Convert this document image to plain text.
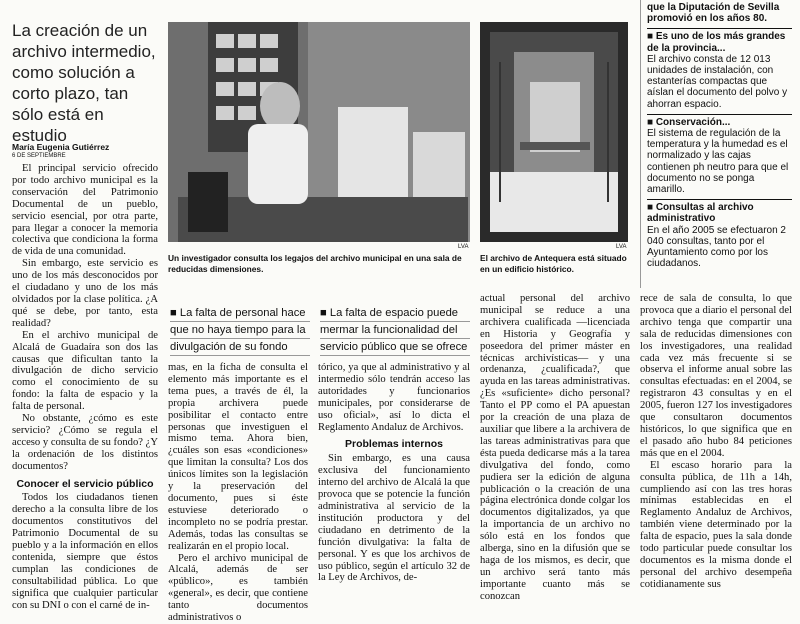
La creación de un archivo intermedio, como solución a corto plazo, tan sólo está en estudio
María Eugenia Gutiérrez
6 DE SEPTIEMBRE

El principal servicio ofrecido por todo archivo municipal es la conservación del Patrimonio Documental de un pueblo, servicio esencial, por otra parte, para llegar a conocer la memoria colectiva que condiciona la forma de vida de una comunidad.

Sin embargo, este servicio es uno de los más desconocidos por el ciudadano y uno de los más olvidados por la clase política. ¿A qué se debe, por tanto, esta realidad?

En el archivo municipal de Alcalá de Guadaíra son dos las causas que dificultan tanto la divulgación de dicho servicio como el conocimiento de su fondo: la falta de espacio y la falta de personal.

No obstante, ¿cómo es este servicio? ¿Cómo se regula el acceso y consulta de su fondo? ¿Y la ordenación de los distintos documentos?

Conocer el servicio público

Todos los ciudadanos tienen derecho a la consulta libre de los documentos constitutivos del Patrimonio Documental de su pueblo y a la información en ellos contenida, siempre que éstos cumplan las condiciones de consultabilidad pública. Lo que significa que cualquier particular con su DNI o con el carné de in-

LVA
Un investigador consulta los legajos del archivo municipal en una sala de reducidas dimensiones.
LVA
El archivo de Antequera está situado en un edificio histórico.
■ La falta de personal hace
que no haya tiempo para la
divulgación de su fondo
■ La falta de espacio puede
mermar la funcionalidad del
servicio público que se ofrece

mas, en la ficha de consulta el elemento más importante es el tema pues, a través de él, la propia archivera puede posibilitar el contacto entre personas que investiguen el mismo tema. Ahora bien, ¿cuáles son esas «condiciones» que limitan la consulta? Los dos únicos límites son la legislación y la preservación del documento, pues si éste estuviese deteriorado o incompleto no se podría prestar. Además, todas las consultas se realizarán en el propio local.

Pero el archivo municipal de Alcalá, además de ser «público», es también «general», es decir, que contiene tanto documentos administrativos o

tórico, ya que al administrativo y al intermedio sólo tendrán acceso las autoridades y funcionarios municipales, por considerarse de uso oficial», así lo dicta el Reglamento Andaluz de Archivos.

Problemas internos

Sin embargo, es una causa exclusiva del funcionamiento interno del archivo de Alcalá la que provoca que se potencie la función administrativa al servicio de la institución productora y del ciudadano en detrimento de la función divulgativa: la falta de personal. Y es que los archivos de uso público, según el artículo 32 de la Ley de Archivos, de-

actual personal del archivo municipal se reduce a una archivera cualificada —licenciada en Historia y Geografía y poseedora del primer máster en técnicas archivísticas— y una ordenanza, ¿cualificada?, que ayuda en las tareas administrativas. ¿Es «suficiente» dicho personal? Tanto el PP como el PA apuestan por la creación de una plaza de auxiliar que libere a la archivera de las tareas administrativas para que ésta pueda dedicarse más a la tarea divulgativa del fondo, como pudiera ser la edición de alguna publicación o la creación de una página electrónica donde colgar los documentos digitalizados, ya que la importancia de un archivo no sólo está en los fondos que alberga, sino en la difusión que se haga de los mismos, es decir, que un archivo será tanto más importante cuanto más se conozcan

rece de sala de consulta, lo que provoca que a diario el personal del archivo tenga que compartir una sala de reducidas dimensiones con los investigadores, una realidad cada vez más frecuente si se observa el informe anual sobre las consultas efectuadas: en el 2004, se registraron 43 consultas y en el 2005, fueron 127 los investigadores que consultaron documentos históricos, lo que significa que en el pasado año hubo 84 peticiones más que en el 2004.

El escaso horario para la consulta pública, de 11h a 14h, cumpliendo así con las tres horas mínimas establecidas en el Reglamento Andaluz de Archivos, también viene determinado por la falta de espacio, pues la sala donde todo particular puede consultar los documentos es la misma donde el personal del archivo desempeña cotidianamente sus

que la Diputación de Sevilla promovió en los años 80.
■ Es uno de los más grandes de la provincia...
El archivo consta de 12 013 unidades de instalación, con estanterías compactas que aíslan el documento del polvo y ahorran espacio.
■ Conservación...
El sistema de regulación de la temperatura y la humedad es el normalizado y las cajas contienen ph neutro para que el documento no se ponga amarillo.
■ Consultas al archivo administrativo
En el año 2005 se efectuaron 2 040 consultas, tanto por el Ayuntamiento como por los ciudadanos.
